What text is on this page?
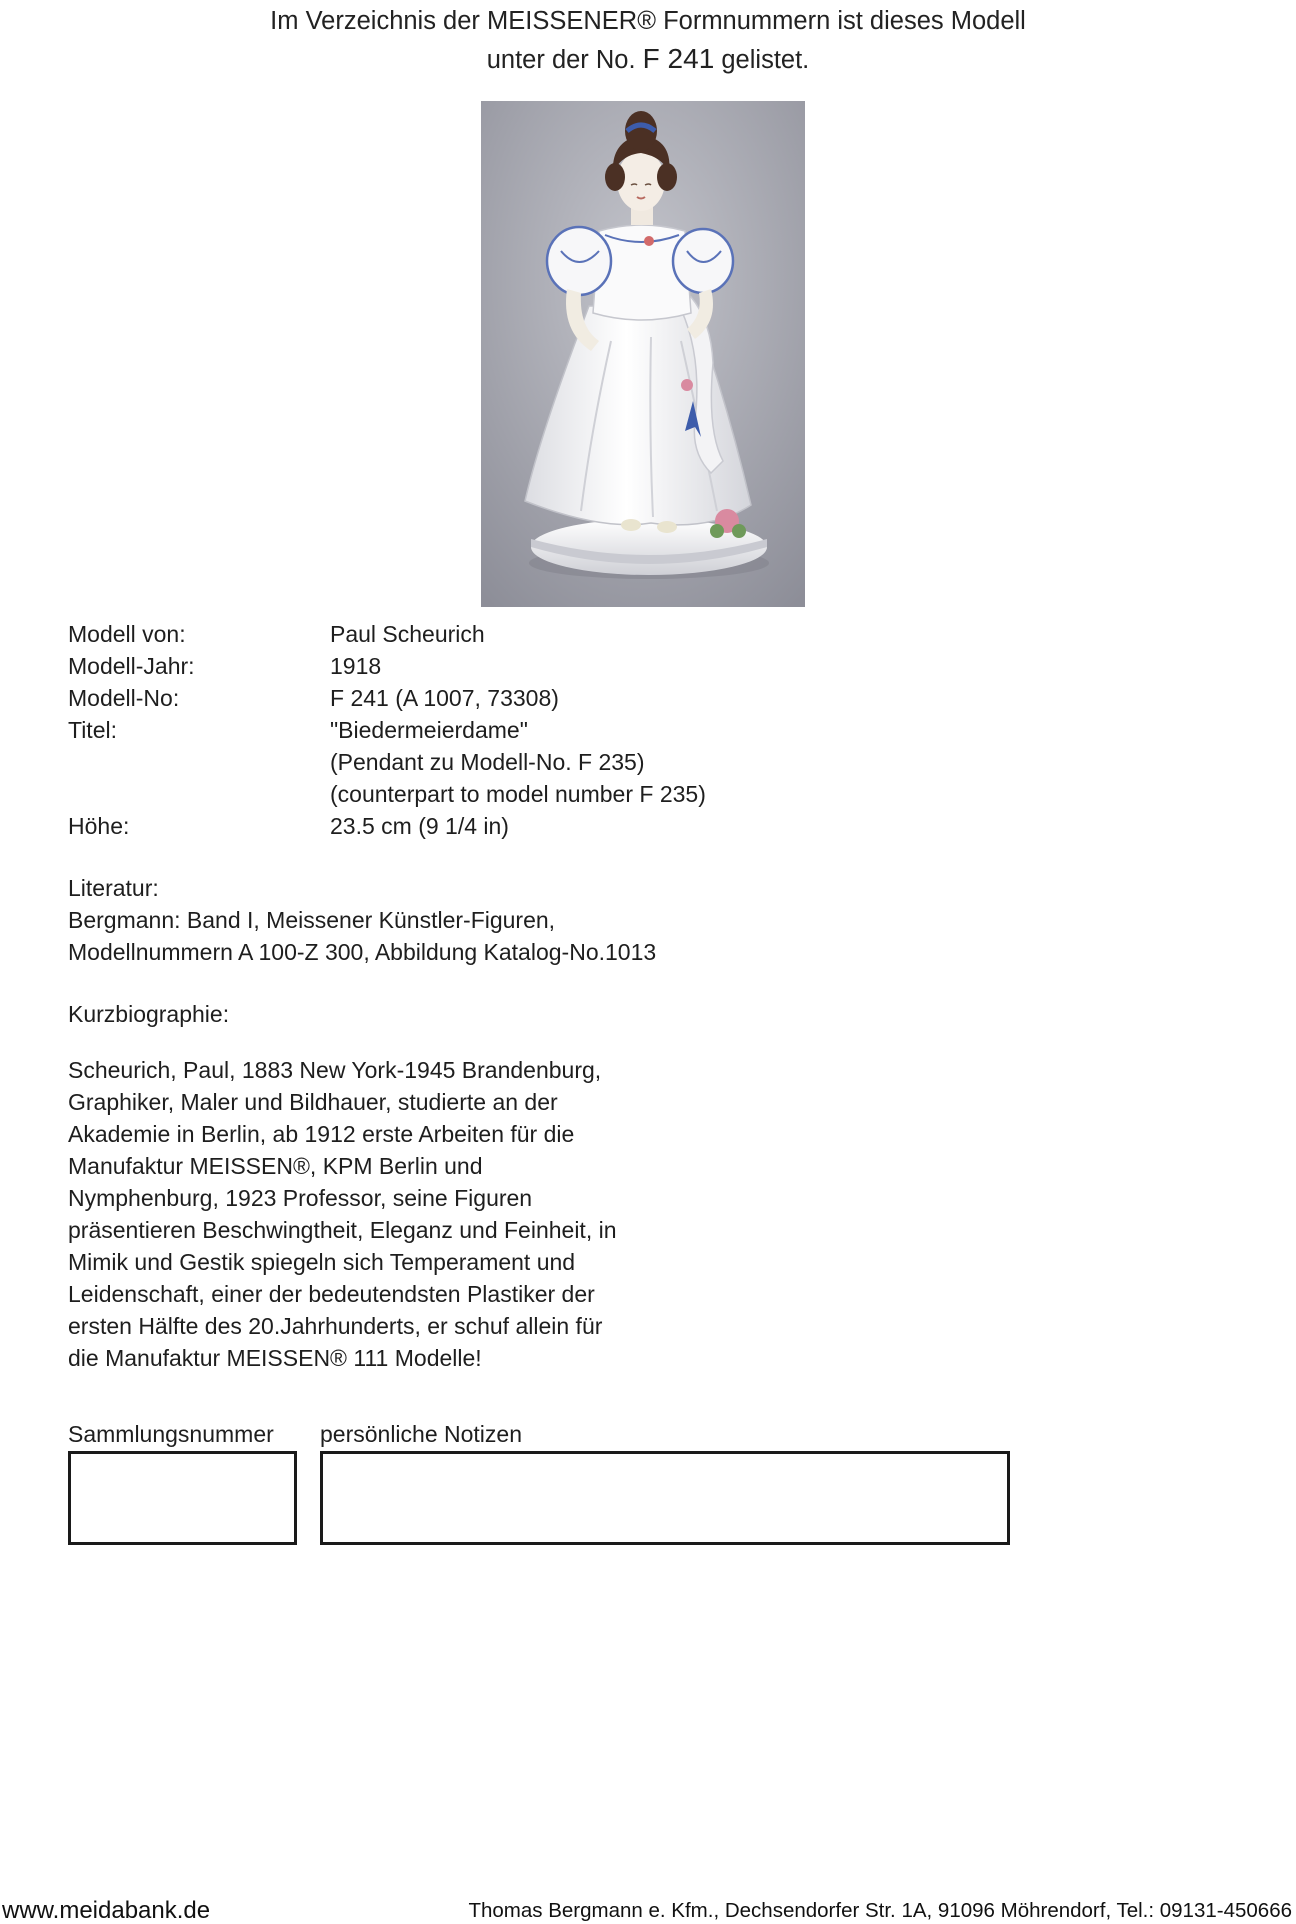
Im Verzeichnis der MEISSENER® Formnummern ist dieses Modell
unter der No. F 241 gelistet.
Modell von:	Paul Scheurich
Modell-Jahr:	1918
Modell-No:	F 241 (A 1007, 73308)
Titel:	"Biedermeierdame"

(Pendant zu Modell-No. F 235)

(counterpart to model number F 235)
Höhe:	23.5 cm (9 1/4 in)
Literatur:
Bergmann: Band I, Meissener Künstler-Figuren,
Modellnummern A 100-Z 300, Abbildung Katalog-No.1013
Kurzbiographie:
Scheurich, Paul, 1883 New York-1945 Brandenburg,
Graphiker, Maler und Bildhauer, studierte an der
Akademie in Berlin, ab 1912 erste Arbeiten für die
Manufaktur MEISSEN®, KPM Berlin und
Nymphenburg, 1923 Professor, seine Figuren
präsentieren Beschwingtheit, Eleganz und Feinheit, in
Mimik und Gestik spiegeln sich Temperament und
Leidenschaft, einer der bedeutendsten Plastiker der
ersten Hälfte des 20.Jahrhunderts, er schuf allein für
die Manufaktur MEISSEN® 111 Modelle!
Sammlungsnummer persönliche Notizen
www.meidabank.de	Thomas Bergmann e. Kfm., Dechsendorfer Str. 1A, 91096 Möhrendorf, Tel.: 09131-450666
